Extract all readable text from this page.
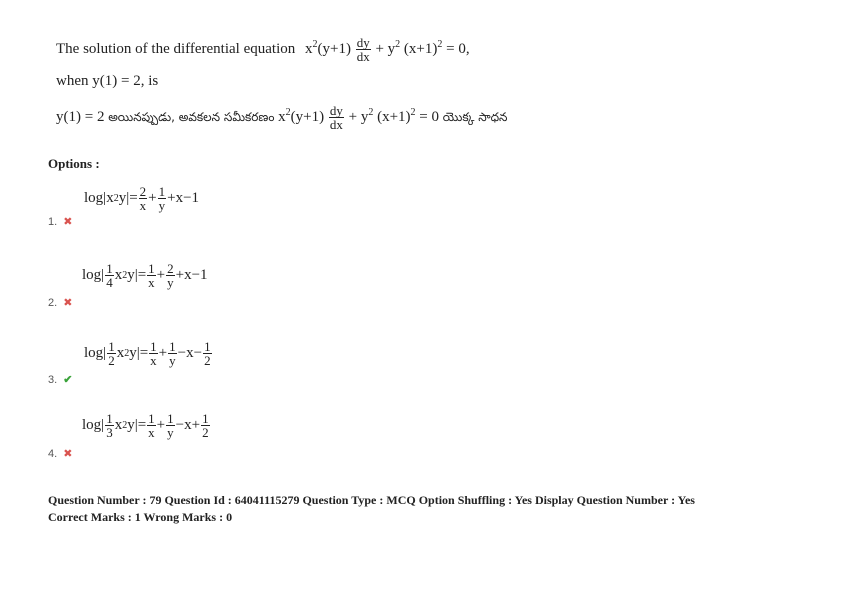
The solution of the differential equation $x^2(y+1) \frac{dy}{dx} + y^2$ $(x+1)^2 = 0$,
when y(1) = 2, is
y(1) = 2 అయినప్పుడు, అవకలన సమీకరణం $x^2(y+1) \frac{dy}{dx} + y^2$ $(x+1)^2 = 0$ యొక్క సాధన
Options :
log | x 2 y |= $\frac{2}{x} + \frac{1}{y} +x-1$
1. ✖
log | $\frac{1}{4}$ x 2 y |= $\frac{1}{x} + \frac{2}{y} +x-1$
2. ✖
log | $\frac{1}{2}$ x 2 y |= $\frac{1}{x} + \frac{1}{y} -x - \frac{1}{2}$
3. ✔
log | $\frac{1}{3}$ x 2 y |= $\frac{1}{x} + \frac{1}{y} -x + \frac{1}{2}$
4. ✖
Question Number : 79 Question Id : 64041115279 Question Type : MCQ Option Shuffling : Yes Display Question Number : Yes
Correct Marks : 1 Wrong Marks : 0
